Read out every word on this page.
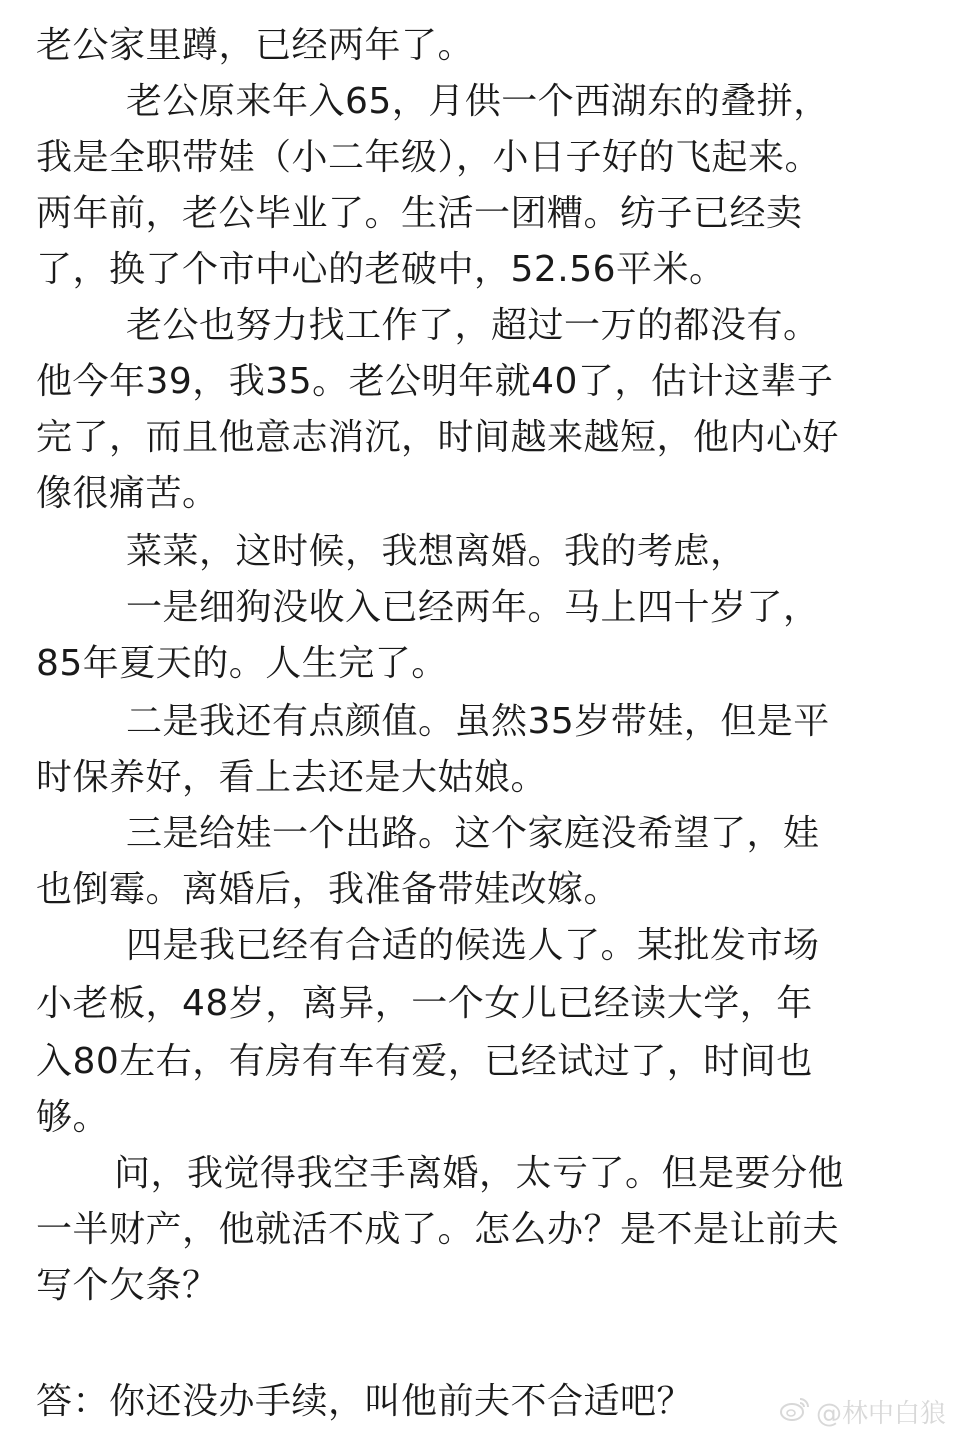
老公家里蹲，已经两年了。
老公原来年入65，月供一个西湖东的叠拼，
我是全职带娃（小二年级），小日子好的飞起来。
两年前，老公毕业了。生活一团糟。纺子已经卖
了，换了个市中心的老破中，52.56平米。
老公也努力找工作了，超过一万的都没有。
他今年39，我35。老公明年就40了，估计这辈子
完了，而且他意志消沉，时间越来越短，他内心好
像很痛苦。
菜菜，这时候，我想离婚。我的考虑，
一是细狗没收入已经两年。马上四十岁了，
85年夏天的。人生完了。
二是我还有点颜值。虽然35岁带娃，但是平
时保养好，看上去还是大姑娘。
三是给娃一个出路。这个家庭没希望了，娃
也倒霉。离婚后，我准备带娃改嫁。
四是我已经有合适的候选人了。某批发市场
小老板，48岁，离异，一个女儿已经读大学，年
入80左右，有房有车有爱，已经试过了，时间也
够。
问，我觉得我空手离婚，太亏了。但是要分他
一半财产，他就活不成了。怎么办？是不是让前夫
写个欠条？
答：你还没办手续，叫他前夫不合适吧？	@林中白狼
